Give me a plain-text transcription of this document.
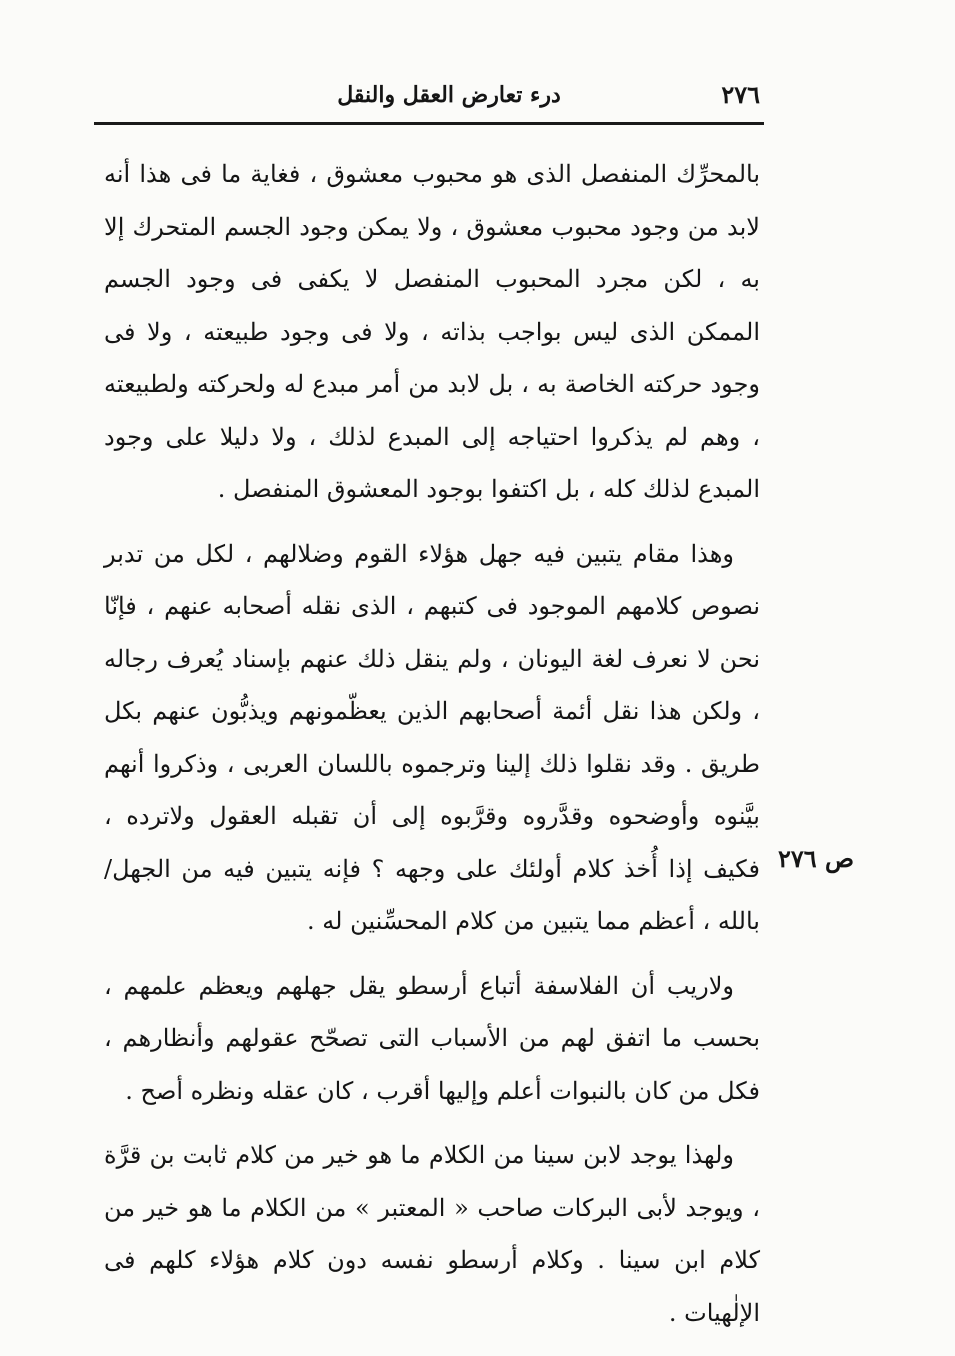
٢٧٦
درء تعارض العقل والنقل
ص ٢٧٦

بالمحرِّك المنفصل الذى هو محبوب معشوق ، فغاية ما فى هذا أنه لابد من وجود محبوب معشوق ، ولا يمكن وجود الجسم المتحرك إلا به ، لكن مجرد المحبوب المنفصل لا يكفى فى وجود الجسم الممكن الذى ليس بواجب بذاته ، ولا فى وجود طبيعته ، ولا فى وجود حركته الخاصة به ، بل لابد من أمر مبدع له ولحركته ولطبيعته ، وهم لم يذكروا احتياجه إلى المبدع لذلك ، ولا دليلا على وجود المبدع لذلك كله ، بل اكتفوا بوجود المعشوق المنفصل .

وهذا مقام يتبين فيه جهل هؤلاء القوم وضلالهم ، لكل من تدبر نصوص كلامهم الموجود فى كتبهم ، الذى نقله أصحابه عنهم ، فإنّا نحن لا نعرف لغة اليونان ، ولم ينقل ذلك عنهم بإسناد يُعرف رجاله ، ولكن هذا نقل أئمة أصحابهم الذين يعظّمونهم ويذبُّون عنهم بكل طريق . وقد نقلوا ذلك إلينا وترجموه باللسان العربى ، وذكروا أنهم بيَّنوه وأوضحوه وقدَّروه وقرَّبوه إلى أن تقبله العقول ولاترده ، فكيف إذا أُخذ كلام أولئك على وجهه ؟ فإنه يتبين فيه من الجهل/بالله ، أعظم مما يتبين من كلام المحسِّنين له .

ولاريب أن الفلاسفة أتباع أرسطو يقل جهلهم ويعظم علمهم ، بحسب ما اتفق لهم من الأسباب التى تصحّح عقولهم وأنظارهم ، فكل من كان بالنبوات أعلم وإليها أقرب ، كان عقله ونظره أصح .

ولهذا يوجد لابن سينا من الكلام ما هو خير من كلام ثابت بن قرَّة ، ويوجد لأبى البركات صاحب « المعتبر » من الكلام ما هو خير من كلام ابن سينا . وكلام أرسطو نفسه دون كلام هؤلاء كلهم فى الإلٰهيات .
